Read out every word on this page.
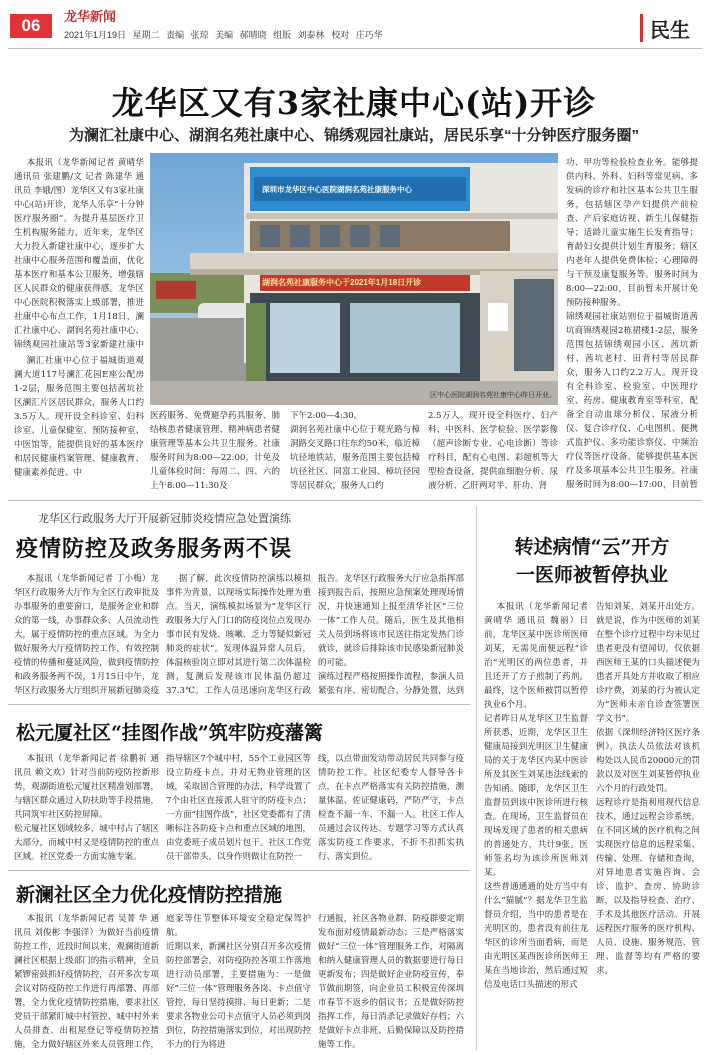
06	龙华新闻
2021年1月19日 星期二 责编 张琼 美编 郝晴晓 组版 刘泰林 校对 庄巧华	民生
龙华区又有3家社康中心(站)开诊
为澜汇社康中心、湖润名苑社康中心、锦绣观园社康站，居民乐享“十分钟医疗服务圈”
本报讯（龙华新闻记者 黄晴华 通讯员 张建鹏/文 记者 陈建华 通讯员 李娥/图）龙华区又有3家社康中心(站)开诊，龙华人乐享“十分钟医疗服务圈”。为提升基层医疗卫生机构服务能力，近年来，龙华区大力投入新建社康中心，逐步扩大社康中心服务范围和覆盖面，优化基本医疗和基本公卫服务，增强辖区人民群众的健康获得感。龙华区中心医院积极落实上级部署，推进社康中心布点工作，1月18日，澜汇社康中心、湖润名苑社康中心、锦绣观园社康站等3家新建社康中
澜汇社康中心位于福城街道观澜大道117号澜汇花园E座公配房1-2层，服务范围主要包括茜坑社区澜汇片区居民群众，服务人口约3.5万人。现开设全科诊室、妇科诊室、儿童保健室、预防接种室、中医馆等，能提供良好的基本医疗和居民健康档案管理、健康教育、健康素养促进、中
深圳市龙华区中心医院湖润名苑社康服务中心
湖润名苑社康服务中心于2021年1月18日开诊
区中心医院湖润名苑社康中心昨日开业。
医药服务、免费避孕药具服务、肺结核患者健康管理、精神病患者健康管理等基本公共卫生服务。社康服务时间为8:00—22:00，计免及儿童体检时间：每周二、四、六的上午8:00—11:30及
下午2:00—4:30。
湖润名苑社康中心位于观光路与樟洞路交叉路口往东约50米，临近樟坑径地铁站，服务范围主要包括樟坑径社区、同富工业园、樟坑径园等居民群众，服务人口约
2.5万人。现开设全科医疗、妇产科、中医科、医学检验、医学影像（超声诊断专业、心电诊断）等诊疗科目，配有心电图、彩超机等大型检查设备，提供血细胞分析、尿液分析、乙肝两对半、肝功、肾
功、甲功等检验检查业务。能够提供内科、外科、妇科等常见病、多发病的诊疗和社区基本公共卫生服务，包括辖区孕产妇提供产前检查、产后家庭访视、新生儿保健指导；适龄儿童实施生长发育指导；育龄妇女提供计划生育服务；辖区内老年人提供免费体检；心理障碍与干预及康复服务等。服务时间为8:00—22:00，目前暂未开展计免预防接种服务。
锦绣观园社康站则位于福城街道茜坑商锦绣观园2栋裙楼1-2层，服务范围包括锦绣观园小区、茜坑新村、茜坑老村、田背村等居民群众，服务人口约2.2万人。现开设有全科诊室、检验室、中医理疗室、药房、健康教育室等科室，配备全自动血球分析仪、尿液分析仪、复合诊疗仪、心电图机、便携式监护仪、多功能诊察仪、中频治疗仪等医疗设备，能够提供基本医疗及多项基本公共卫生服务。社康服务时间为8:00—17:00，目前暂
龙华区行政服务大厅开展新冠肺炎疫情应急处置演练
疫情防控及政务服务两不误
本报讯（龙华新闻记者 丁小梅）龙华区行政服务大厅作为全区行政审批及办事服务的重要窗口，是服务企业和群众的第一线，办事群众多、人员流动性大，属于疫情防控的重点区域。为全力做好服务大厅疫情防控工作，有效控制疫情的传播和蔓延风险，做到疫情防控和政务服务两不误，1月15日中午，龙华区行政服务大厅组织开展新冠肺炎疫
据了解，此次疫情防控演练以模拟事件为背景，以现场实际操作处理为重点。当天，演练模拟场景为“龙华区行政服务大厅入门口的防疫岗位点发现办事市民有发烧、咳嗽、乏力等疑似新冠肺炎的症状”。发现体温异常人员后，体温核验岗立即对其进行第二次体温检测，复测后发现该市民体温仍超过37.3℃。工作人员迅速向龙华区行政
报告。龙华区行政服务大厅应急指挥部接到报告后，按照应急预案处理现场情况，并快速通知上报至清华社区“三位一体”工作人员。随后，医生及其他相关人员到场将该市民送往指定发热门诊就诊，就诊后排除该市民感染新冠肺炎的可能。
演练过程严格按照操作流程，参演人员紧张有序、密切配合、分静处置，达到
松元厦社区“挂图作战”筑牢防疫藩篱
本报讯（龙华新闻记者 徐鹏祈 通讯员 赖文欢）针对当前防疫防控新形势，观湖街道松元厦社区精准划部署，与辖区群众通过入防扶助等手段措施，共同筑牢社区防控屏障。
松元厦社区划域较多，城中村占了辖区大部分，而城中村又是疫情防控的重点区域。社区党委一方面实施专案。
指导辖区7个城中村，55个工业园区等设立防疫卡点，并对无物业管理的区域，采取固合管理的办法，科学设置了7个由社区直接派人驻守的防疫卡点；一方面“挂图作战”，社区党委都有了清晰标注各防疫卡点和重点区域的地图，由党委班子成员划片包干。社区工作党员干部带头，以身作则做让在防控一
线，以点带面发动带动居民共同参与疫情防控工作。社区纪委专人督导各卡点，在卡点严格落实有关防控措施，测量体温、佐证健康码，严防严守，卡点检查不漏一车、不漏一人。社区工作人员通过会议传达、专题学习等方式认真落实防疫工作要求，不折不扣抓实执行、落实到位。
新澜社区全力优化疫情防控措施
本报讯（龙华新闻记者 吴菁 华 通讯员 刘俊彬 李强洋）为做好当前疫情防控工作，近段时间以来，观澜街道新澜社区根据上级部门的指示精神，全员紧锣密鼓抓好疫情防控，召开多次专项会议对防疫防控工作进行再部署、再部署，全力优化疫情防控措施，要求社区党员干部紧盯城中村管控、城中村外来人员排查、出租屋登记等疫情防控措施，全力做好辖区外来人员管理工作，
庭家等住节整体环境安全稳定保驾护航。
近期以来，新澜社区分别召开多次疫情防控部署会，对防疫防控各项工作落地进行动员部署，主要措施为：一是做好“三位一体”管理服务各岗、卡点值守管控，每日坚持摸排、每日更新；二是要求各物业公司卡点值守人员必须到岗到位，防控措施落实到位，对出现防控不力的行为将进
行通报，社区各物业群、防疫群要定期发布面对疫情最新动态；三是严格落实做好“三位一体”管理服务工作，对隔离和纳入健康管理人员的数据要进行每日更新发布；四是做好企业防疫宣传，奉节做前期签，向企业员工积极宣传深圳市春节不返乡的倡议书；五是做好防控指挥工作，每日消杀记录做好存档；六是做好卡点非班、后勤保障以及防控措施等工作。
转述病情“云”开方
一医师被暂停执业
本报讯（龙华新闻记者 黄晴华 通讯员 魏丽）日前，龙华区某中医诊所医师刘某，无需见面便远程“诊治”光明区的两位患者，并且还开了方子煎制了药剂。最终，这个医师被罚以暂停执业6个月。
记者昨日从龙华区卫生监督所获悉，近期，龙华区卫生健康局接到光明区卫生健康局的关于龙华区内某中医诊所及其医生刘某违法线索的告知函。随即，龙华区卫生监督员到该中医诊所进行核查。在现场，卫生监督员在现场发现了患者的相关患病的普通处方，共计9张。医师签名均为该诊所医师刘某。
这些普通通通的处方当中有什么“猫腻”？据龙华卫生监督员介绍，当中的患者是在光明区的，患者没有前往龙华区的诊所当面看病，而是由光明区某西医诊所医师王某在当地诊治，然后通过短信及电话口头描述的形式
告知刘某，刘某开出处方。就是说，作为中医师的刘某在整个诊疗过程中均未见过患者更没有望闻切，仅依据西医师王某的口头描述便为患者开具处方并收取了相应诊疗费，刘某的行为被认定为“医师未亲自诊查签署医学文书”。
依据《深圳经济特区医疗条例》，执法人员依法对该机构处以人民币20000元的罚款以及对医生刘某暂停执业六个月的行政处罚。
远程诊疗是指利用现代信息技术，通过远程会诊系统，在不同区域的医疗机构之间实现医疗信息的远程采集、传输、处理、存储和查询，对异地患者实施咨询、会诊、监护、查房、协助诊断，以及指导检查、治疗、手术及其他医疗活动。开展远程医疗服务的医疗机构、人员、设施、服务规范、管理、监督等均有严格的要求。
